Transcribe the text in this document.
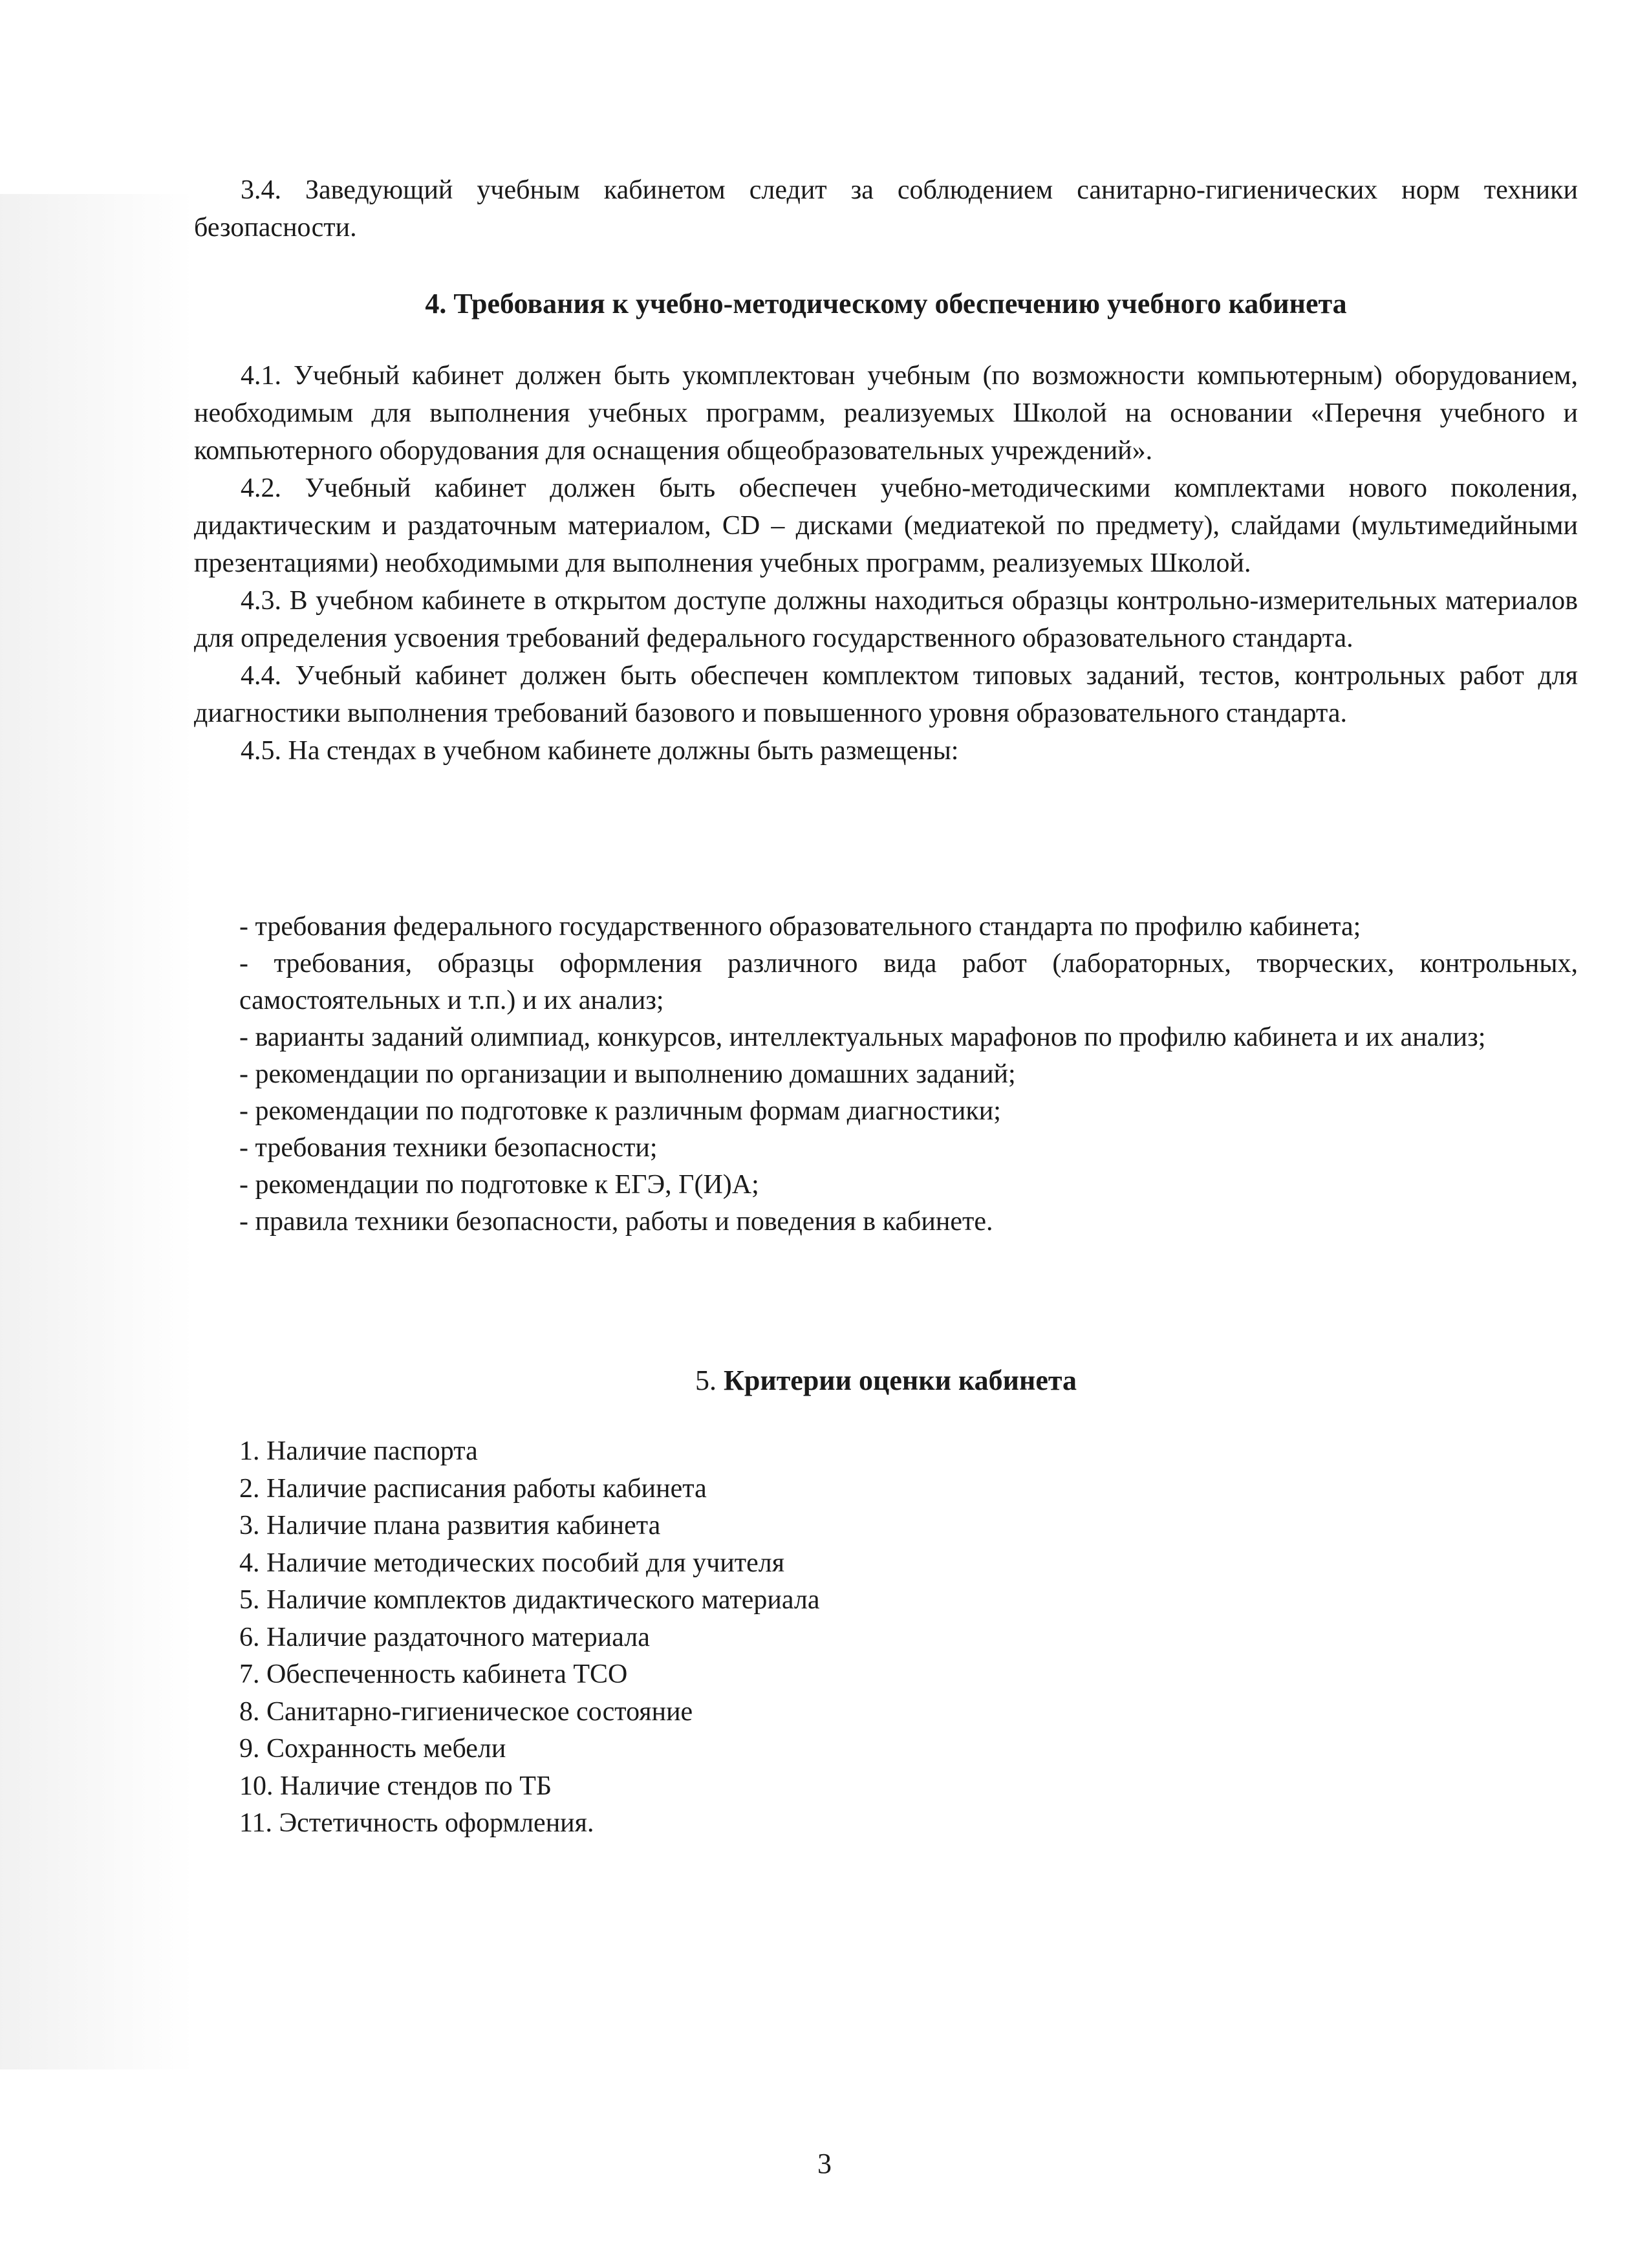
3.4. Заведующий учебным кабинетом следит за соблюдением санитарно-гигиенических норм техники безопасности.

4. Требования к учебно-методическому обеспечению учебного кабинета

4.1. Учебный кабинет должен быть укомплектован учебным (по возможности компьютерным) оборудованием, необходимым для выполнения учебных программ, реализуемых Школой на основании «Перечня учебного и компьютерного оборудования для оснащения общеобразовательных учреждений».

4.2. Учебный кабинет должен быть обеспечен учебно-методическими комплектами нового поколения, дидактическим и раздаточным материалом, CD – дисками (медиатекой по предмету), слайдами (мультимедийными презентациями) необходимыми для выполнения учебных программ, реализуемых Школой.

4.3. В учебном кабинете в открытом доступе должны находиться образцы контрольно-измерительных материалов для определения усвоения требований федерального государственного образовательного стандарта.

4.4. Учебный кабинет должен быть обеспечен комплектом типовых заданий, тестов, контрольных работ для диагностики выполнения требований базового и повышенного уровня образовательного стандарта.

4.5. На стендах в учебном кабинете должны быть размещены:

- требования федерального государственного образовательного стандарта по профилю кабинета;
- требования, образцы оформления различного вида работ (лабораторных, творческих, контрольных, самостоятельных и т.п.) и их анализ;
- варианты заданий олимпиад, конкурсов, интеллектуальных марафонов по профилю кабинета и их анализ;
- рекомендации по организации и выполнению домашних заданий;
- рекомендации по подготовке к различным формам диагностики;
- требования техники безопасности;
- рекомендации по подготовке к ЕГЭ, Г(И)А;
- правила техники безопасности, работы и поведения в кабинете.
5. Критерии оценки кабинета
1. Наличие паспорта
2. Наличие расписания работы кабинета
3. Наличие плана развития кабинета
4. Наличие методических пособий для учителя
5. Наличие комплектов дидактического материала
6. Наличие раздаточного материала
7. Обеспеченность кабинета ТСО
8. Санитарно-гигиеническое состояние
9. Сохранность мебели
10. Наличие стендов по ТБ
11. Эстетичность оформления.
3
